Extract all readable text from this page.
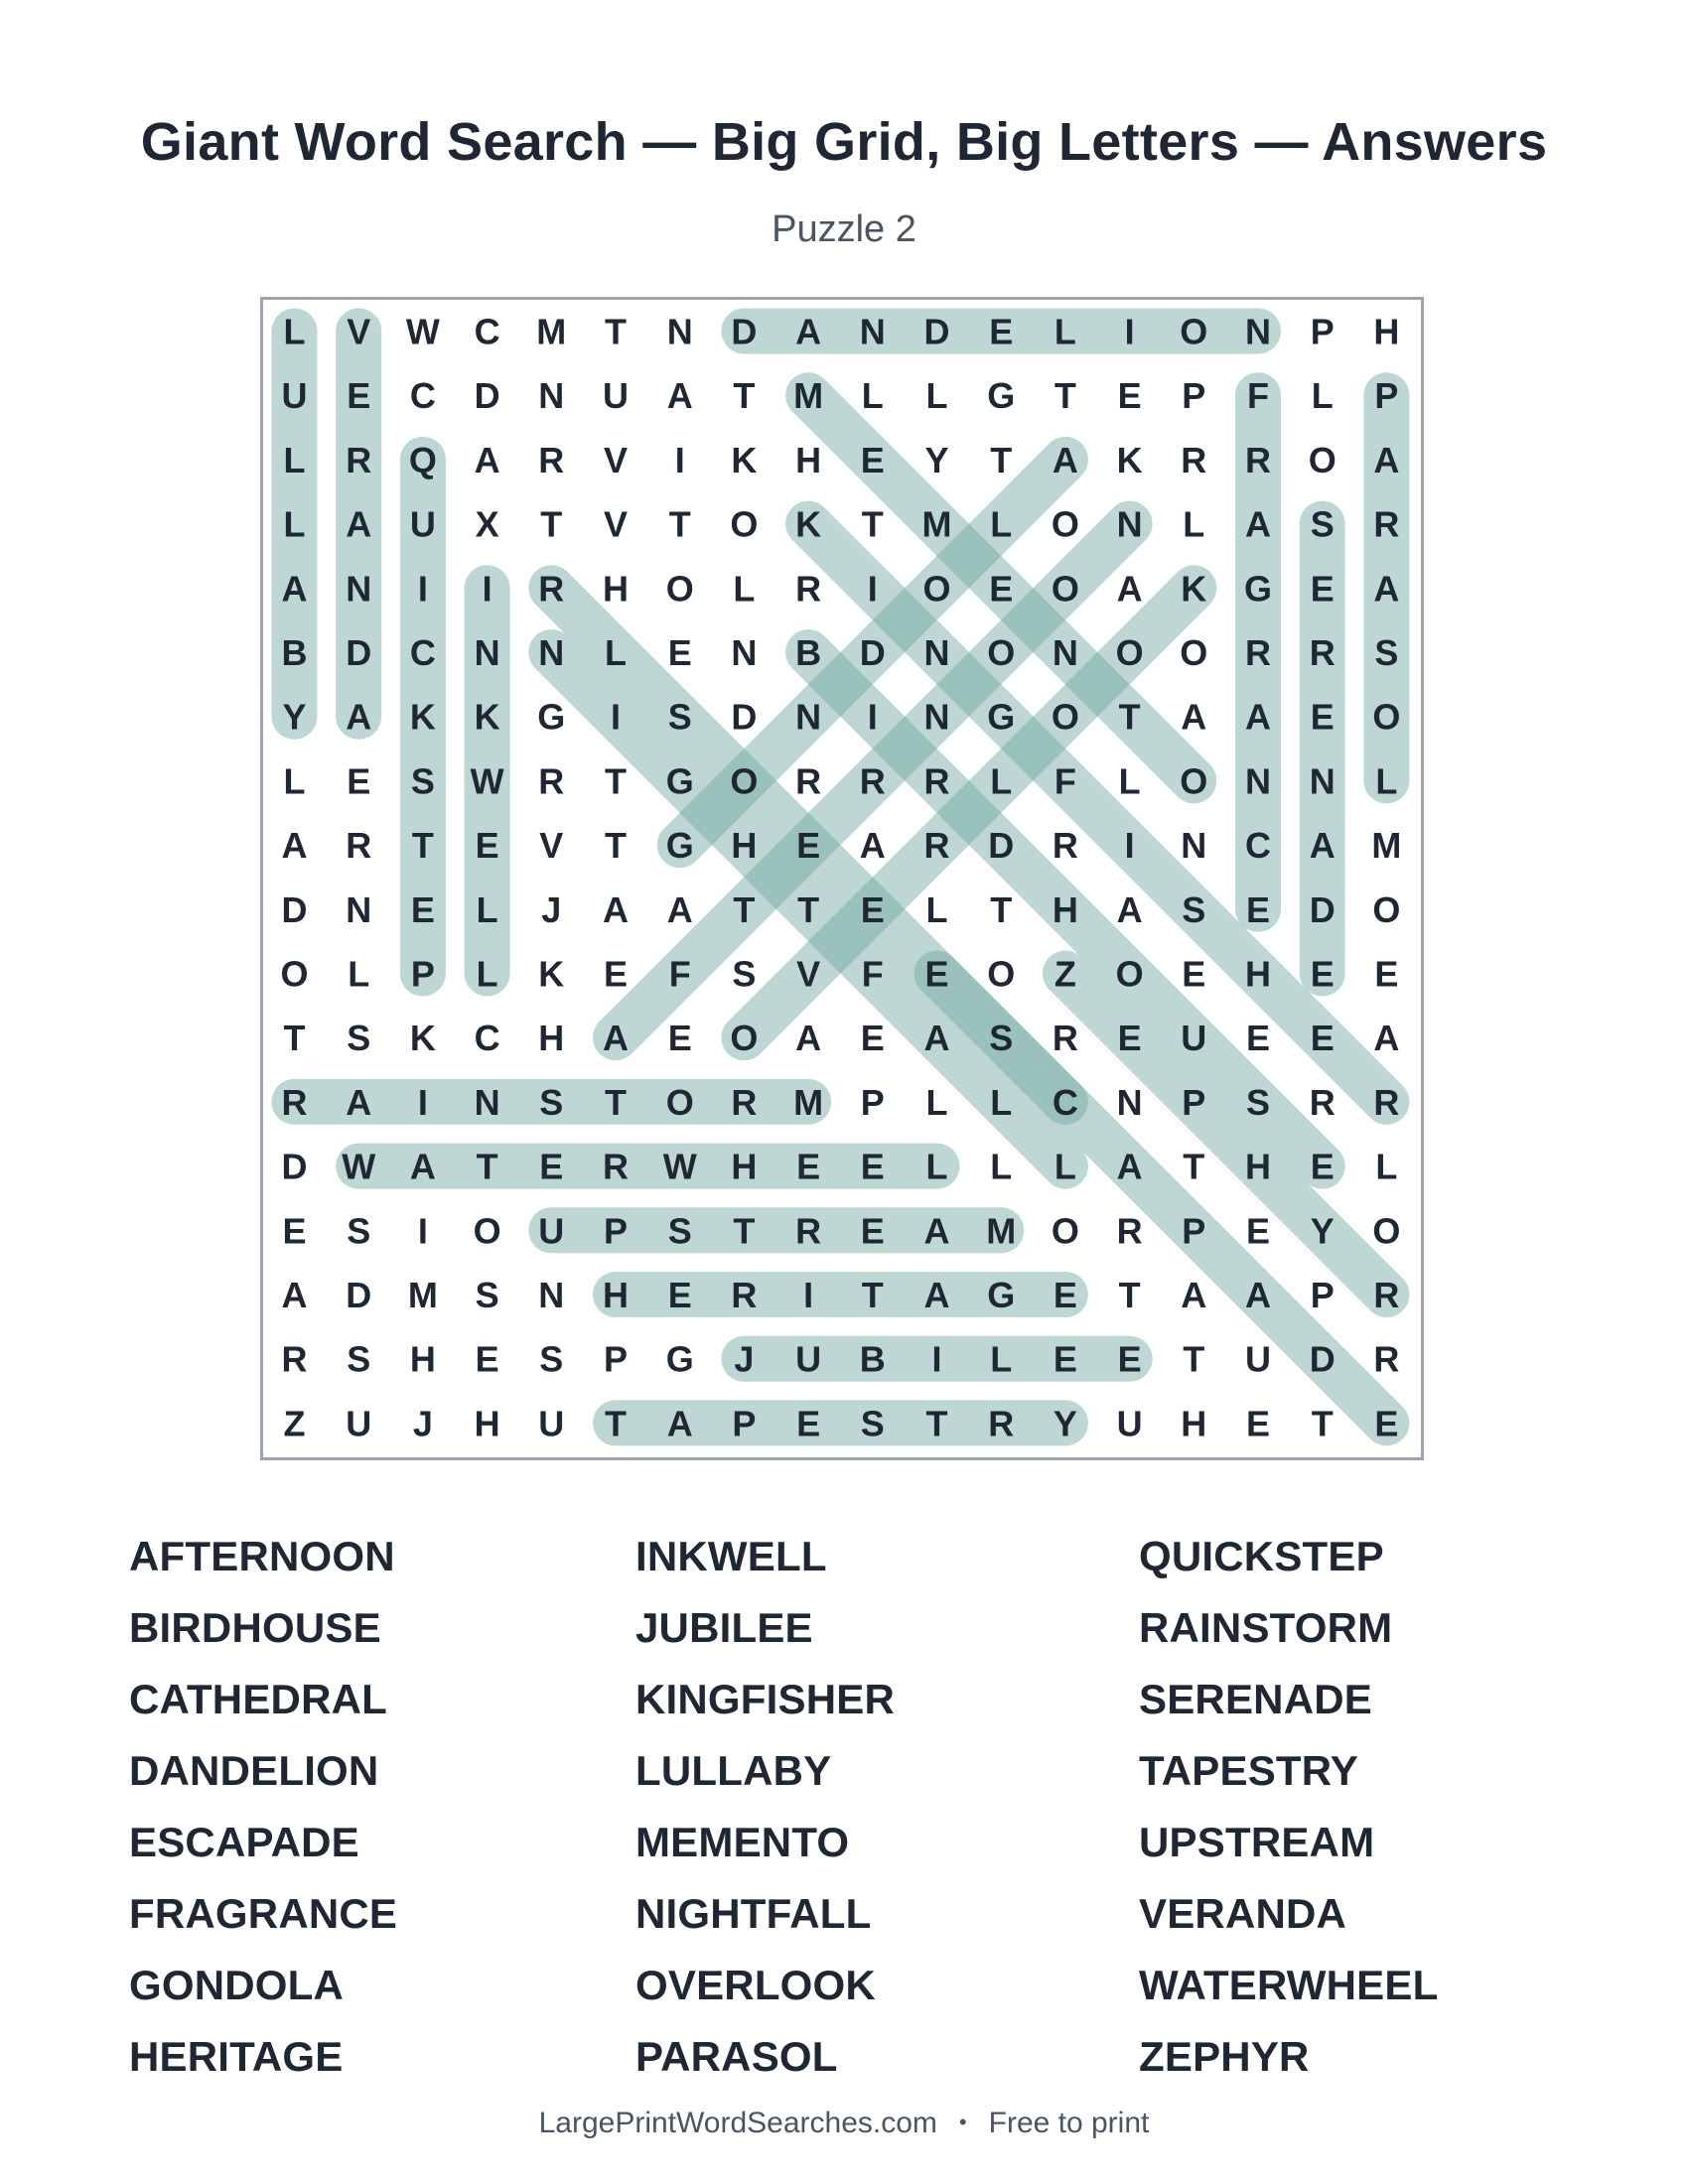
Giant Word Search — Big Grid, Big Letters — Answers
Puzzle 2
L V W C M T N D A N D E L I O N P H
U E C D N U A T M L L G T E P F L P
L R Q A R V I K H E Y T A K R R O A
L A U X T V T O K T M L O N L A S R
A N I I R H O L R I O E O A K G E A
B D C N N L E N B D N O N O O R R S
Y A K K G I S D N I N G O T A A E O
L E S W R T G O R R R L F L O N N L
A R T E V T G H E A R D R I N C A M
D N E L J A A T T E L T H A S E D O
O L P L K E F S V F E O Z O E H E E
T S K C H A E O A E A S R E U E E A
R A I N S T O R M P L L C N P S R R
D W A T E R W H E E L L L A T H E L
E S I O U P S T R E A M O R P E Y O
A D M S N H E R I T A G E T A A P R
R S H E S P G J U B I L E E T U D R
Z U J H U T A P E S T R Y U H E T E
AFTERNOON
BIRDHOUSE
CATHEDRAL
DANDELION
ESCAPADE
FRAGRANCE
GONDOLA
HERITAGE
INKWELL
JUBILEE
KINGFISHER
LULLABY
MEMENTO
NIGHTFALL
OVERLOOK
PARASOL
QUICKSTEP
RAINSTORM
SERENADE
TAPESTRY
UPSTREAM
VERANDA
WATERWHEEL
ZEPHYR
LargePrintWordSearches.com • Free to print
